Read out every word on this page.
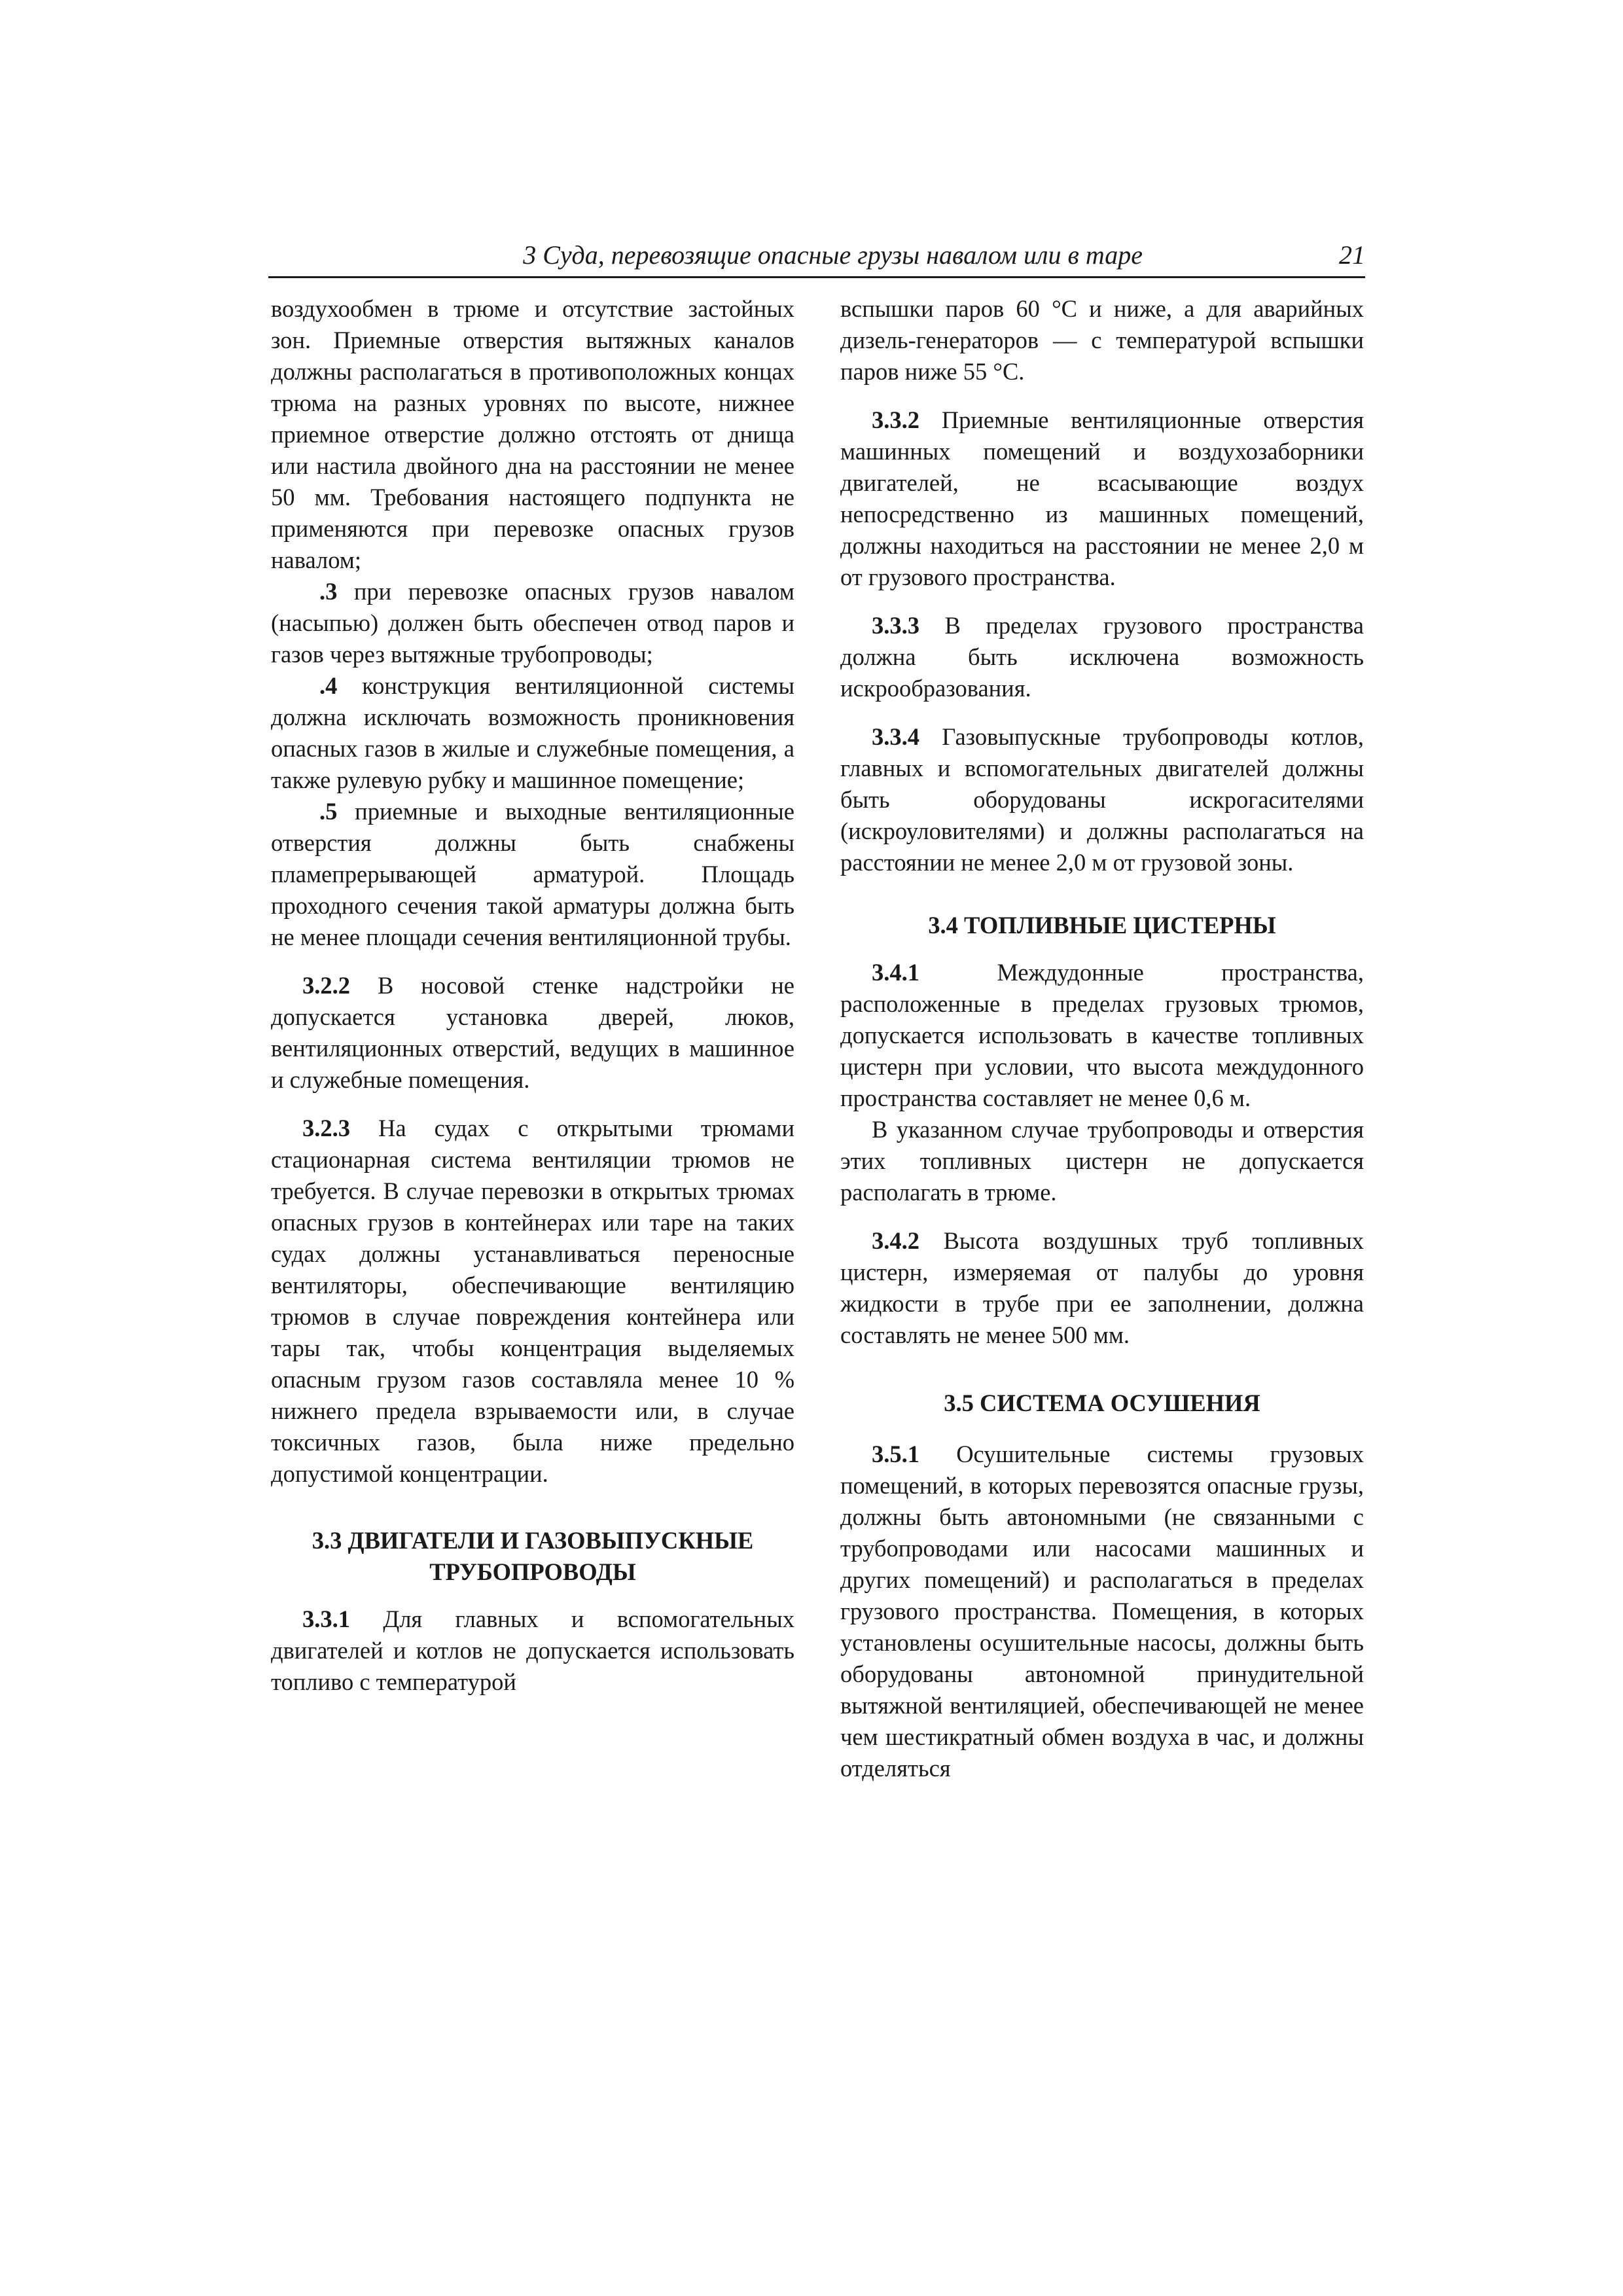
3 Суда, перевозящие опасные грузы навалом или в таре	21

воздухообмен в трюме и отсутствие застойных зон. Приемные отверстия вытяжных каналов должны располагаться в противоположных концах трюма на разных уровнях по высоте, нижнее приемное отверстие должно отстоять от днища или настила двойного дна на расстоянии не менее 50 мм. Требования настоящего подпункта не применяются при перевозке опасных грузов навалом;

.3 при перевозке опасных грузов навалом (насыпью) должен быть обеспечен отвод паров и газов через вытяжные трубопроводы;

.4 конструкция вентиляционной системы должна исключать возможность проникновения опасных газов в жилые и служебные помещения, а также рулевую рубку и машинное помещение;

.5 приемные и выходные вентиляционные отверстия должны быть снабжены пламепрерывающей арматурой. Площадь проходного сечения такой арматуры должна быть не менее площади сечения вентиляционной трубы.

3.2.2 В носовой стенке надстройки не допускается установка дверей, люков, вентиляционных отверстий, ведущих в машинное и служебные помещения.

3.2.3 На судах с открытыми трюмами стационарная система вентиляции трюмов не требуется. В случае перевозки в открытых трюмах опасных грузов в контейнерах или таре на таких судах должны устанавливаться переносные вентиляторы, обеспечивающие вентиляцию трюмов в случае повреждения контейнера или тары так, чтобы концентрация выделяемых опасным грузом газов составляла менее 10 % нижнего предела взрываемости или, в случае токсичных газов, была ниже предельно допустимой концентрации.

3.3 ДВИГАТЕЛИ И ГАЗОВЫПУСКНЫЕ
ТРУБОПРОВОДЫ

3.3.1 Для главных и вспомогательных двигателей и котлов не допускается использовать топливо с температурой

вспышки паров 60 °С и ниже, а для аварийных дизель-генераторов — с температурой вспышки паров ниже 55 °С.

3.3.2 Приемные вентиляционные отверстия машинных помещений и воздухозаборники двигателей, не всасывающие воздух непосредственно из машинных помещений, должны находиться на расстоянии не менее 2,0 м от грузового пространства.

3.3.3 В пределах грузового пространства должна быть исключена возможность искрообразования.

3.3.4 Газовыпускные трубопроводы котлов, главных и вспомогательных двигателей должны быть оборудованы искрогасителями (искроуловителями) и должны располагаться на расстоянии не менее 2,0 м от грузовой зоны.

3.4 ТОПЛИВНЫЕ ЦИСТЕРНЫ

3.4.1 Междудонные пространства, расположенные в пределах грузовых трюмов, допускается использовать в качестве топливных цистерн при условии, что высота междудонного пространства составляет не менее 0,6 м.

В указанном случае трубопроводы и отверстия этих топливных цистерн не допускается располагать в трюме.

3.4.2 Высота воздушных труб топливных цистерн, измеряемая от палубы до уровня жидкости в трубе при ее заполнении, должна составлять не менее 500 мм.

3.5 СИСТЕМА ОСУШЕНИЯ

3.5.1 Осушительные системы грузовых помещений, в которых перевозятся опасные грузы, должны быть автономными (не связанными с трубопроводами или насосами машинных и других помещений) и располагаться в пределах грузового пространства. Помещения, в которых установлены осушительные насосы, должны быть оборудованы автономной принудительной вытяжной вентиляцией, обеспечивающей не менее чем шестикратный обмен воздуха в час, и должны отделяться
